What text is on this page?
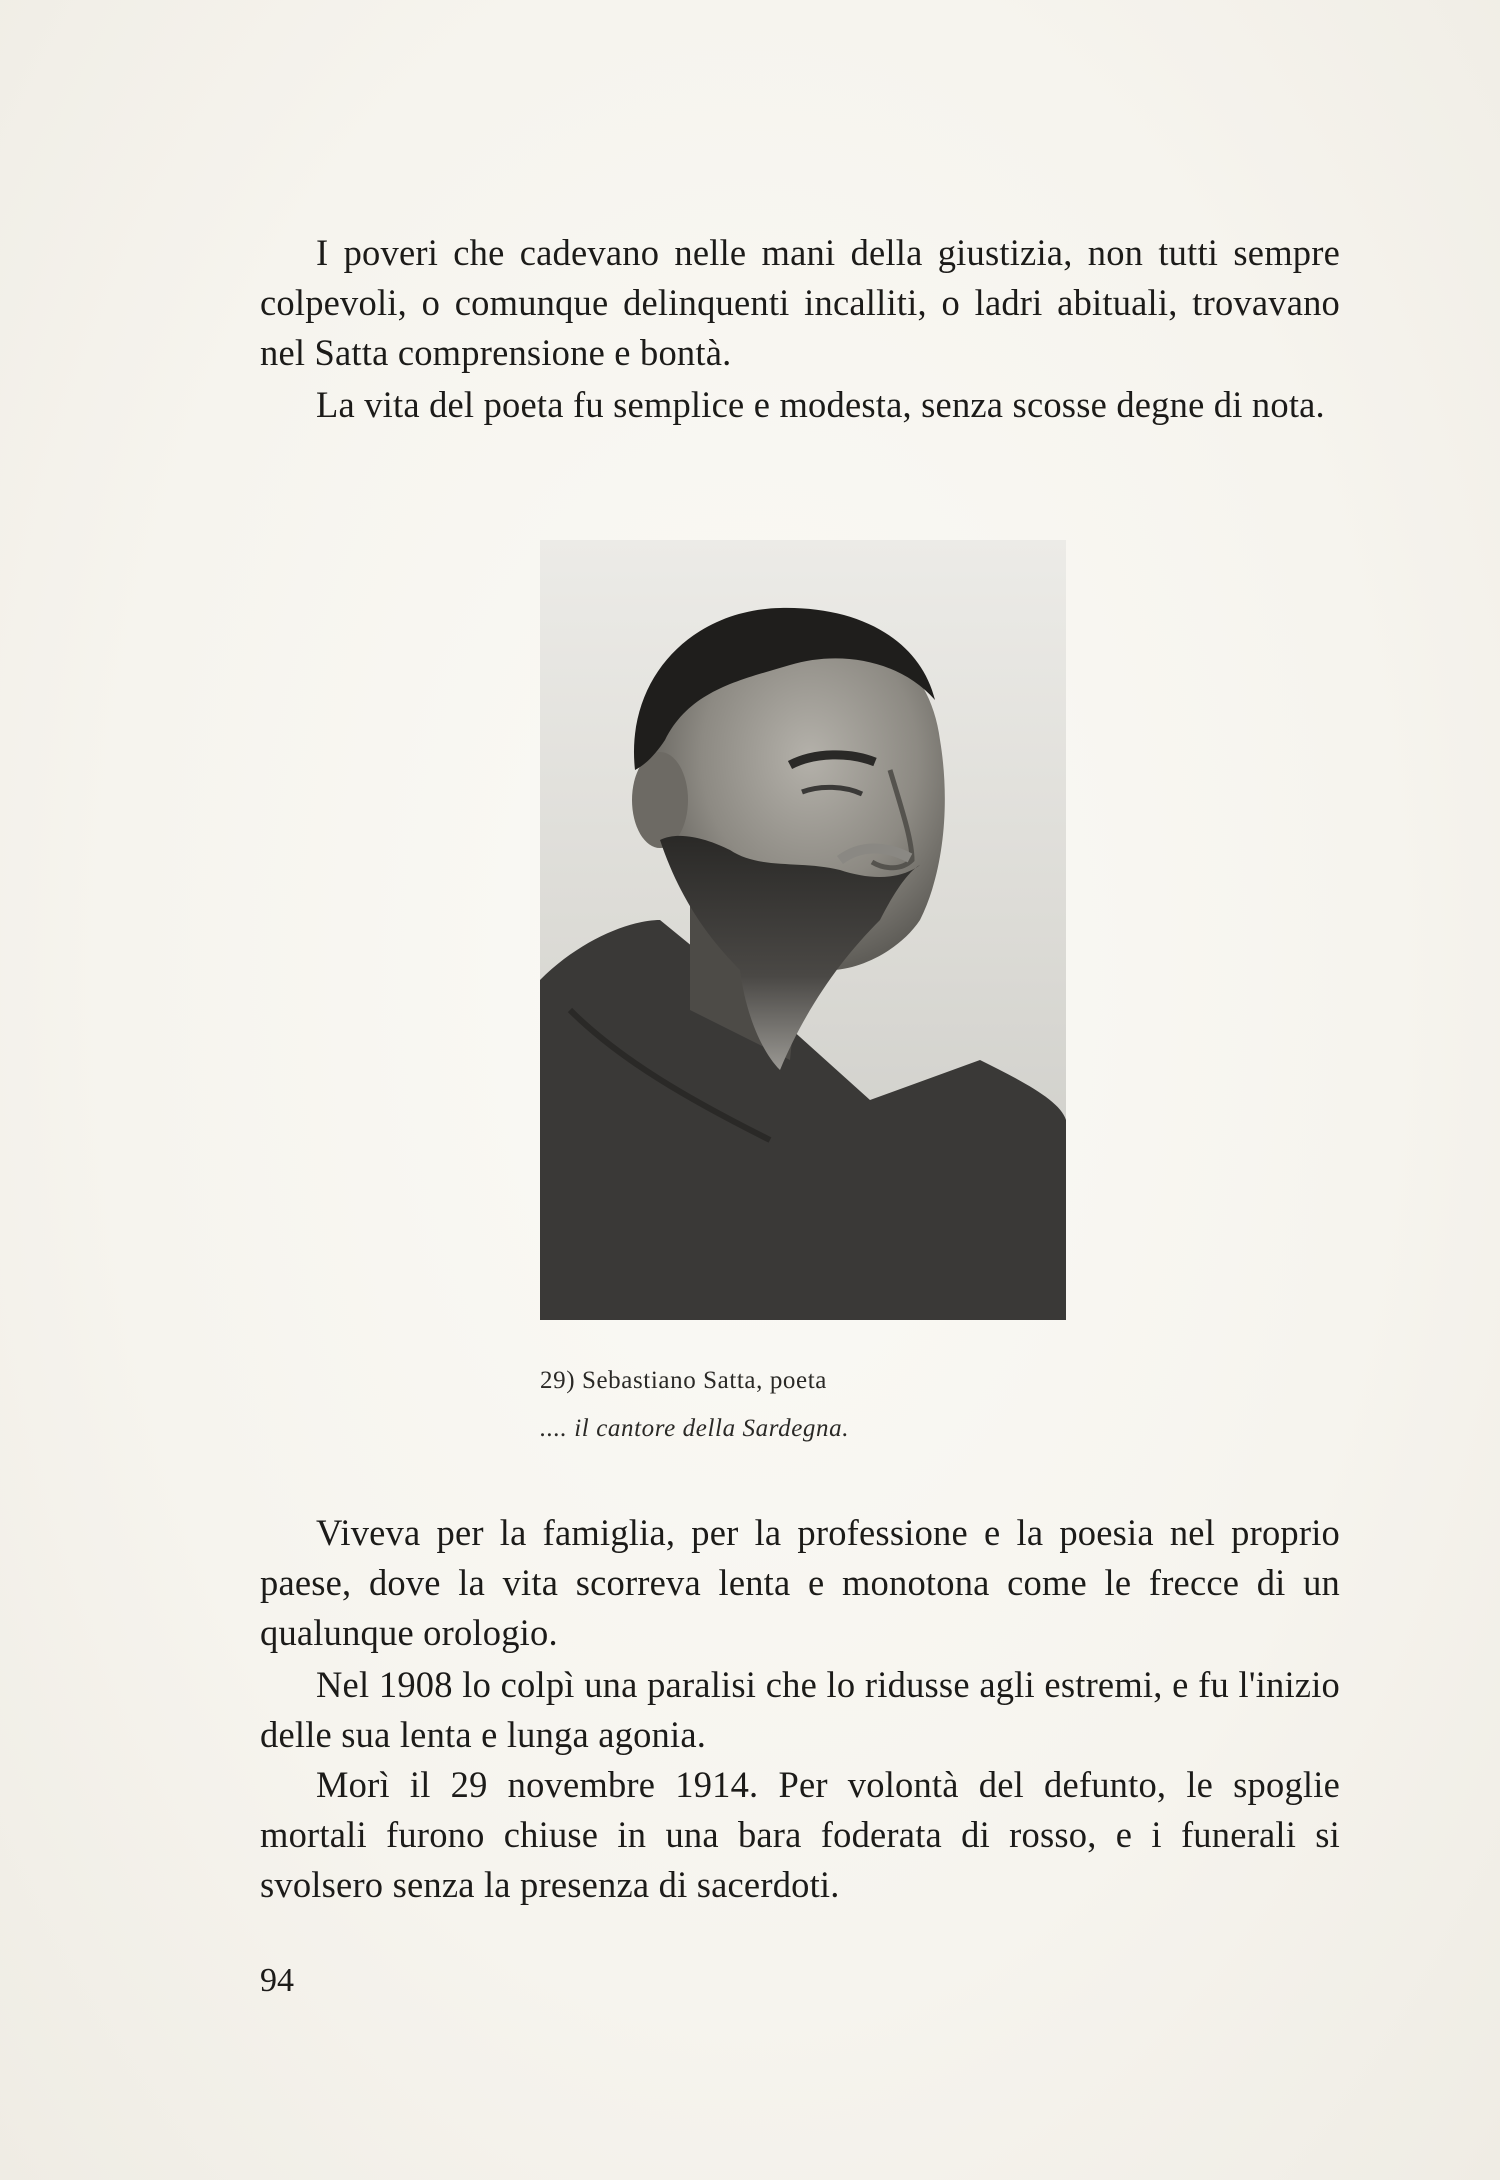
I poveri che cadevano nelle mani della giustizia, non tutti sempre colpevoli, o comunque delinquenti incalliti, o ladri abituali, trovavano nel Satta comprensione e bontà.

La vita del poeta fu semplice e modesta, senza scosse degne di nota.

29) Sebastiano Satta, poeta
.... il cantore della Sardegna.

Viveva per la famiglia, per la professione e la poesia nel proprio paese, dove la vita scorreva lenta e monotona come le frecce di un qualunque orologio.

Nel 1908 lo colpì una paralisi che lo ridusse agli estremi, e fu l'inizio delle sua lenta e lunga agonia.

Morì il 29 novembre 1914. Per volontà del defunto, le spoglie mortali furono chiuse in una bara foderata di rosso, e i funerali si svolsero senza la presenza di sacerdoti.

94
